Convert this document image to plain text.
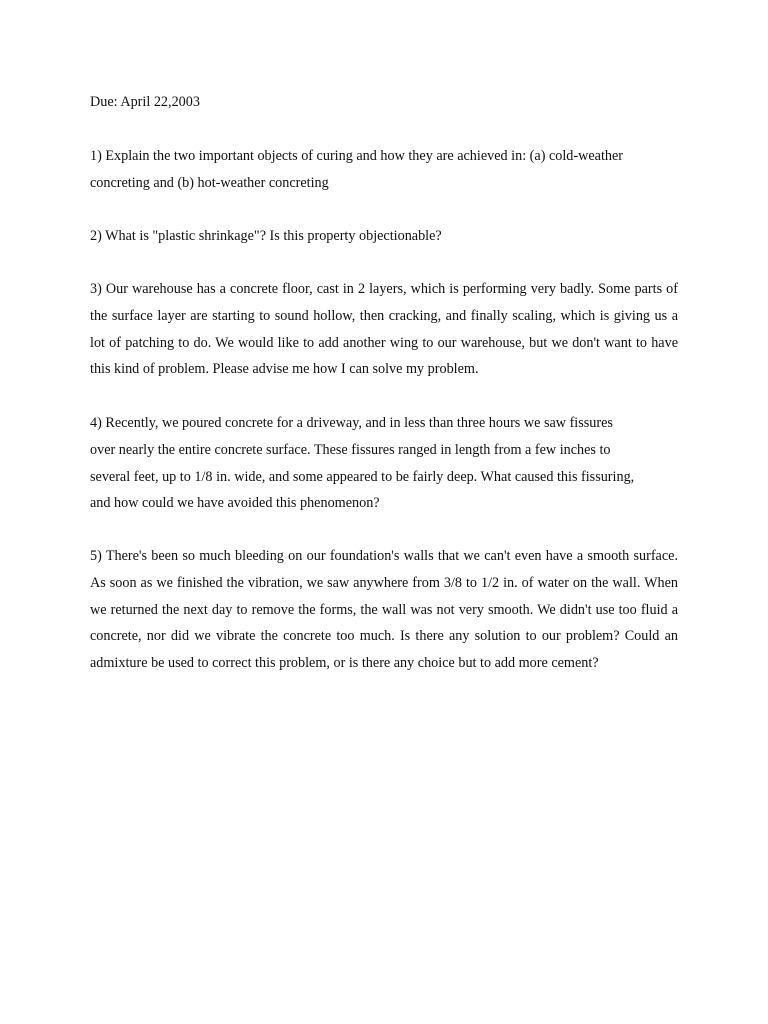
Due: April 22,2003

1) Explain the two important objects of curing and how they are achieved in: (a) cold-weather concreting and (b) hot-weather concreting

2) What is "plastic shrinkage"? Is this property objectionable?

3) Our warehouse has a concrete floor, cast in 2 layers, which is performing very badly. Some parts of the surface layer are starting to sound hollow, then cracking, and finally scaling, which is giving us a lot of patching to do. We would like to add another wing to our warehouse, but we don't want to have this kind of problem. Please advise me how I can solve my problem.

4) Recently, we poured concrete for a driveway, and in less than three hours we saw fissures
over nearly the entire concrete surface. These fissures ranged in length from a few inches to
several feet, up to 1/8 in. wide, and some appeared to be fairly deep. What caused this fissuring,
and how could we have avoided this phenomenon?

5) There's been so much bleeding on our foundation's walls that we can't even have a smooth surface. As soon as we finished the vibration, we saw anywhere from 3/8 to 1/2 in. of water on the wall. When we returned the next day to remove the forms, the wall was not very smooth. We didn't use too fluid a concrete, nor did we vibrate the concrete too much. Is there any solution to our problem? Could an admixture be used to correct this problem, or is there any choice but to add more cement?
